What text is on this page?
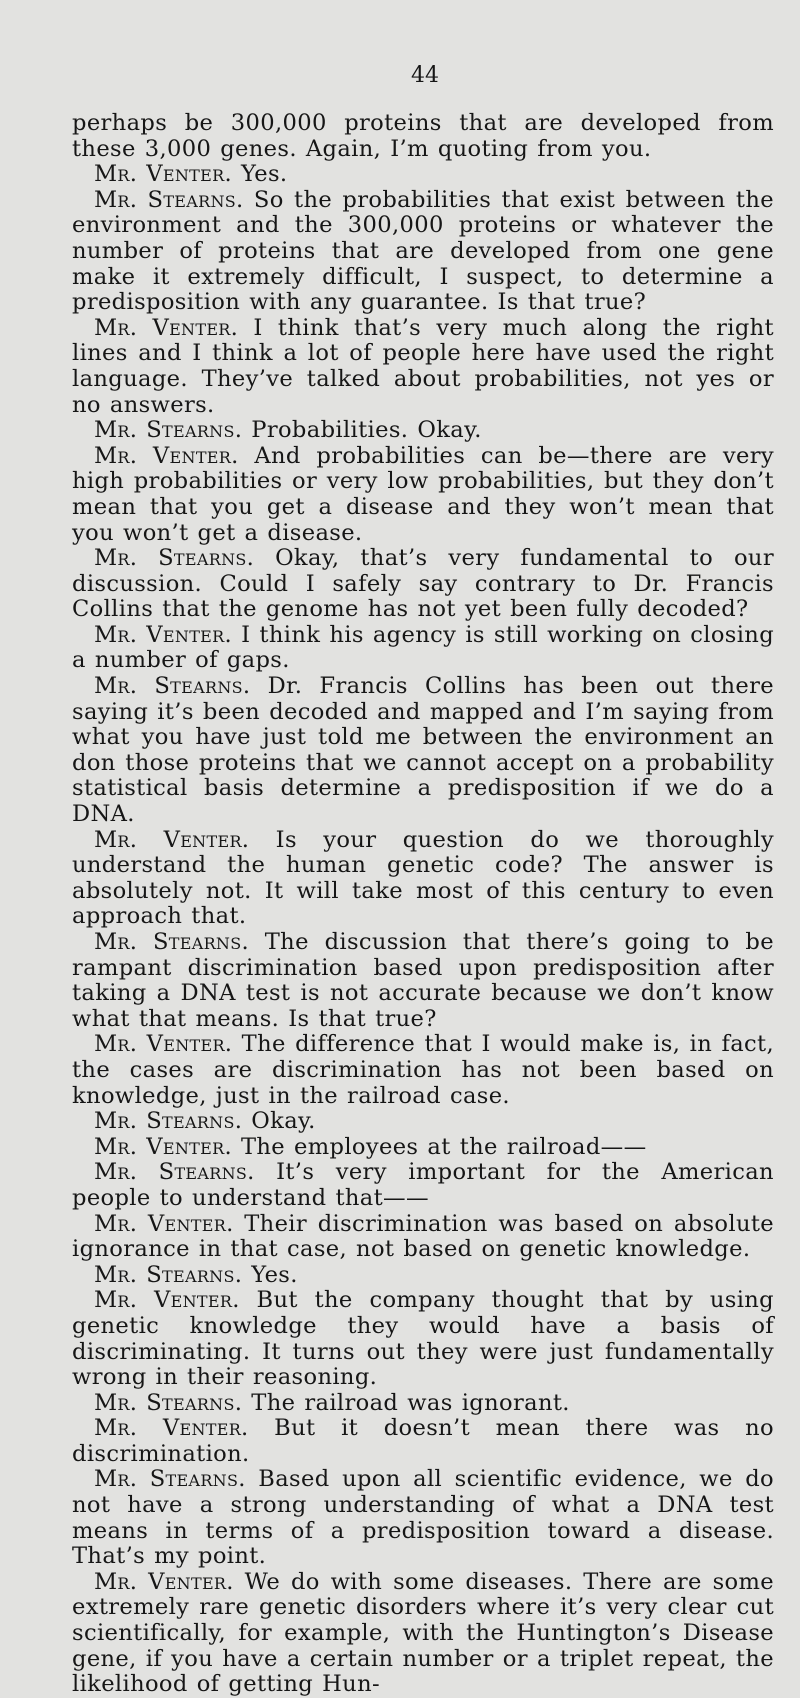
44

perhaps be 300,000 proteins that are developed from these 3,000 genes. Again, I’m quoting from you.

Mr. Venter. Yes.

Mr. Stearns. So the probabilities that exist between the environment and the 300,000 proteins or whatever the number of proteins that are developed from one gene make it extremely difficult, I suspect, to determine a predisposition with any guarantee. Is that true?

Mr. Venter. I think that’s very much along the right lines and I think a lot of people here have used the right language. They’ve talked about probabilities, not yes or no answers.

Mr. Stearns. Probabilities. Okay.

Mr. Venter. And probabilities can be—there are very high probabilities or very low probabilities, but they don’t mean that you get a disease and they won’t mean that you won’t get a disease.

Mr. Stearns. Okay, that’s very fundamental to our discussion. Could I safely say contrary to Dr. Francis Collins that the genome has not yet been fully decoded?

Mr. Venter. I think his agency is still working on closing a number of gaps.

Mr. Stearns. Dr. Francis Collins has been out there saying it’s been decoded and mapped and I’m saying from what you have just told me between the environment an don those proteins that we cannot accept on a probability statistical basis determine a predisposition if we do a DNA.

Mr. Venter. Is your question do we thoroughly understand the human genetic code? The answer is absolutely not. It will take most of this century to even approach that.

Mr. Stearns. The discussion that there’s going to be rampant discrimination based upon predisposition after taking a DNA test is not accurate because we don’t know what that means. Is that true?

Mr. Venter. The difference that I would make is, in fact, the cases are discrimination has not been based on knowledge, just in the railroad case.

Mr. Stearns. Okay.

Mr. Venter. The employees at the railroad——

Mr. Stearns. It’s very important for the American people to understand that——

Mr. Venter. Their discrimination was based on absolute ignorance in that case, not based on genetic knowledge.

Mr. Stearns. Yes.

Mr. Venter. But the company thought that by using genetic knowledge they would have a basis of discriminating. It turns out they were just fundamentally wrong in their reasoning.

Mr. Stearns. The railroad was ignorant.

Mr. Venter. But it doesn’t mean there was no discrimination.

Mr. Stearns. Based upon all scientific evidence, we do not have a strong understanding of what a DNA test means in terms of a predisposition toward a disease. That’s my point.

Mr. Venter. We do with some diseases. There are some extremely rare genetic disorders where it’s very clear cut scientifically, for example, with the Huntington’s Disease gene, if you have a certain number or a triplet repeat, the likelihood of getting Hun-
